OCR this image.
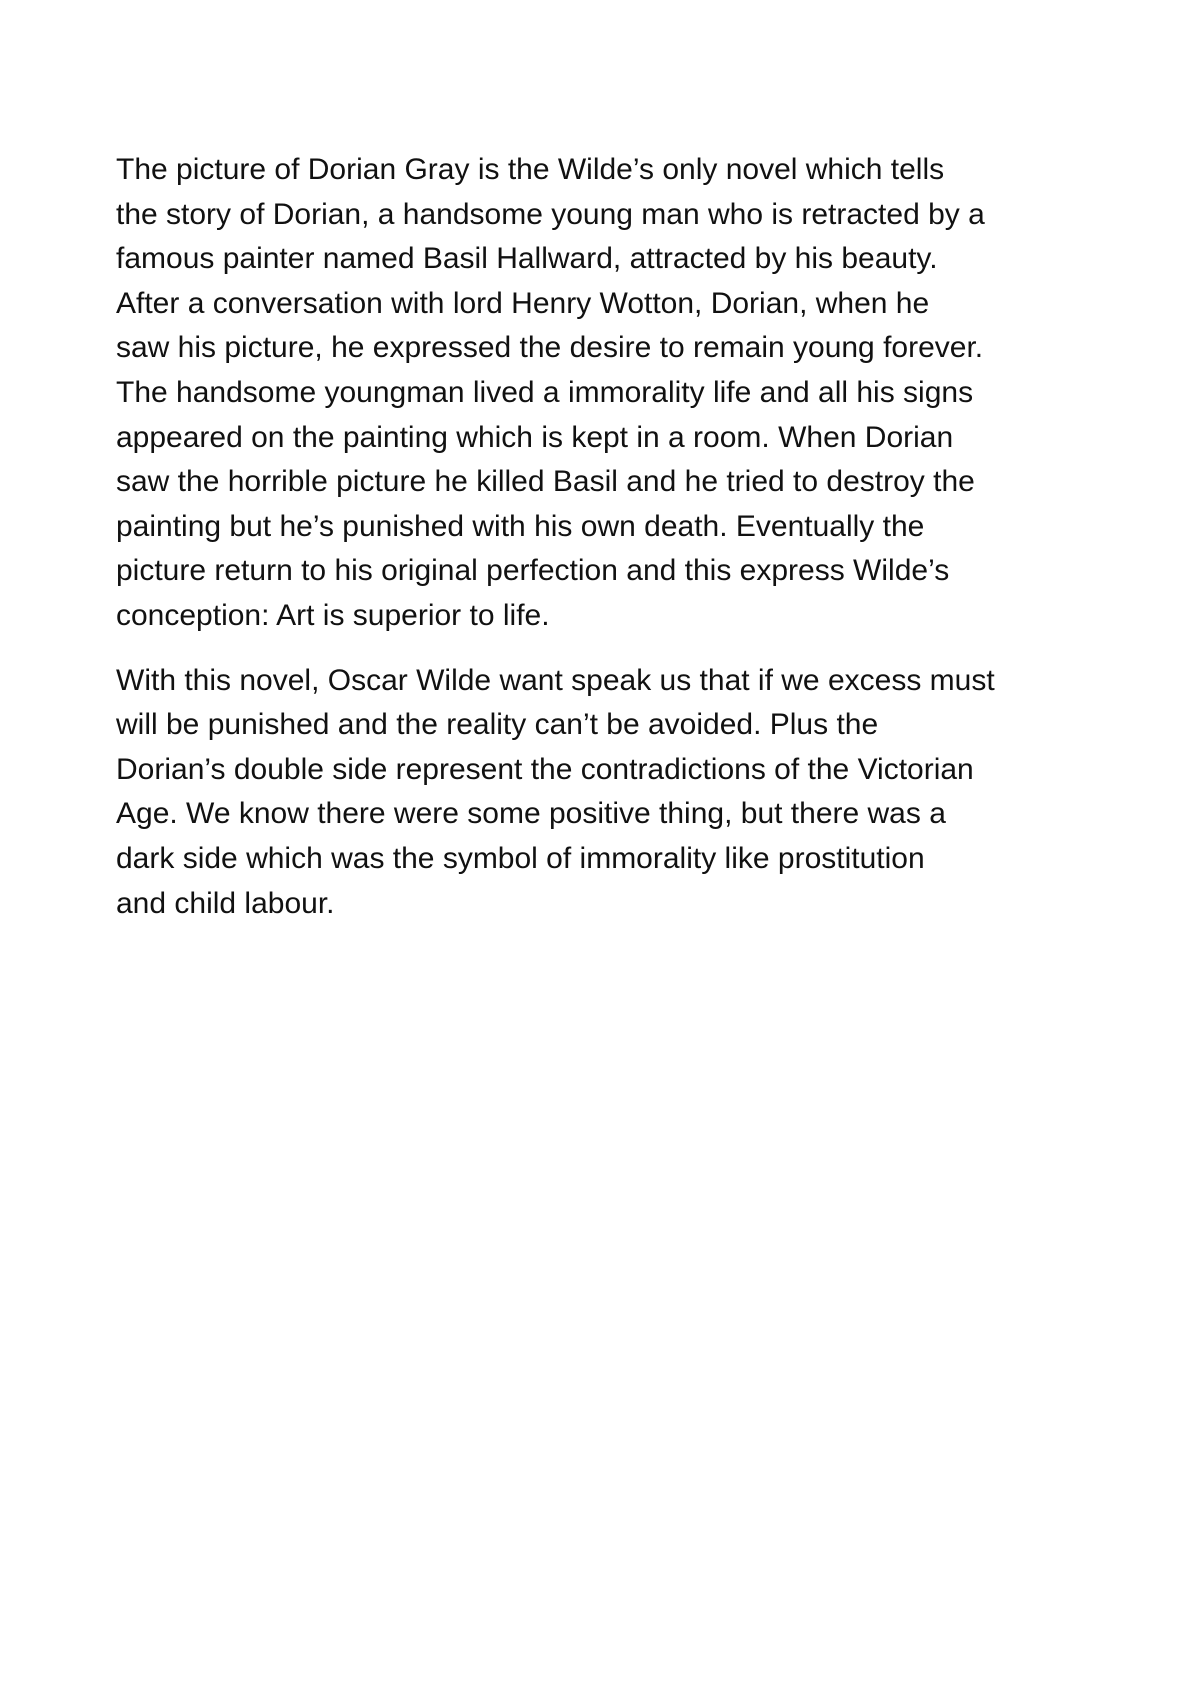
The picture of Dorian Gray is the Wilde’s only novel which tells
the story of Dorian, a handsome young man who is retracted by a
famous painter named Basil Hallward, attracted by his beauty.
After a conversation with lord Henry Wotton, Dorian, when he
saw his picture, he expressed the desire to remain young forever.
The handsome youngman lived a immorality life and all his signs
appeared on the painting which is kept in a room. When Dorian
saw the horrible picture he killed Basil and he tried to destroy the
painting but he’s punished with his own death. Eventually the
picture return to his original perfection and this express Wilde’s
conception: Art is superior to life.

With this novel, Oscar Wilde want speak us that if we excess must
will be punished and the reality can’t be avoided. Plus the
Dorian’s double side represent the contradictions of the Victorian
Age. We know there were some positive thing, but there was a
dark side which was the symbol of immorality like prostitution
and child labour.
